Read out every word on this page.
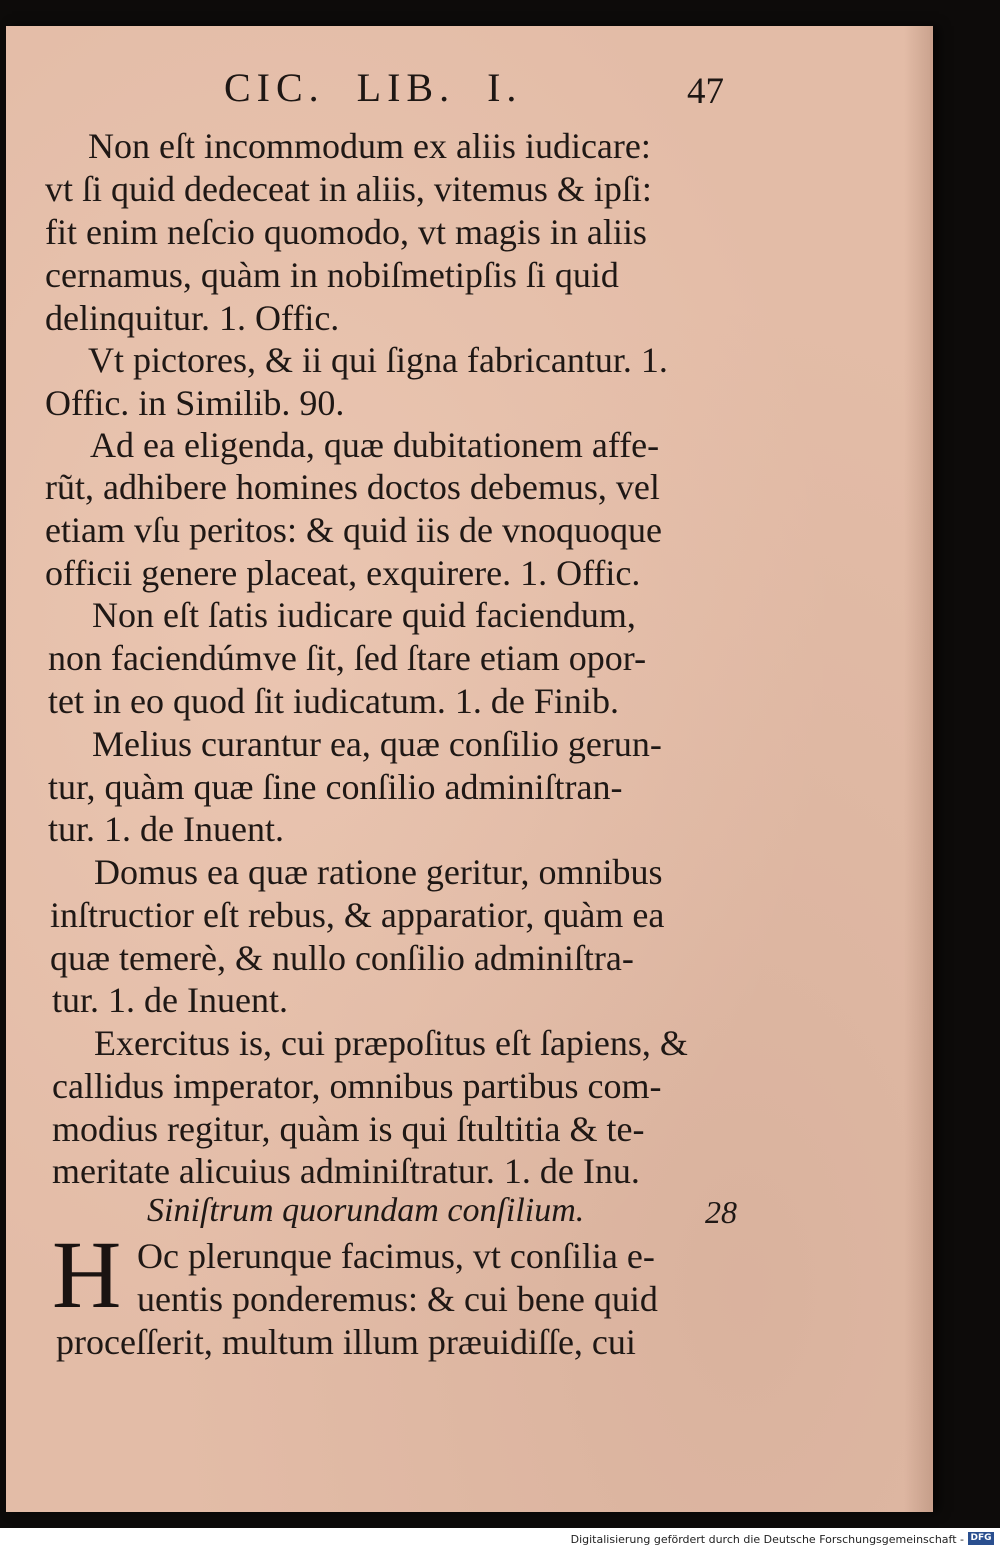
CIC.  LIB.  I.	47
Non eſt incommodum ex aliis iudicare:
vt ſi quid dedeceat in aliis, vitemus & ipſi:
fit enim neſcio quomodo, vt magis in aliis
cernamus, quàm in nobiſmetipſis ſi quid
delinquitur. 1. Offic.
Vt pictores, & ii qui ſigna fabricantur. 1.
Offic. in Similib. 90.
Ad ea eligenda, quæ dubitationem affe-
rũt, adhibere homines doctos debemus, vel
etiam vſu peritos: & quid iis de vnoquoque
officii genere placeat, exquirere. 1. Offic.
Non eſt ſatis iudicare quid faciendum,
non faciendúmve ſit, ſed ſtare etiam opor-
tet in eo quod ſit iudicatum. 1. de Finib.
Melius curantur ea, quæ conſilio gerun-
tur, quàm quæ ſine conſilio adminiſtran-
tur. 1. de Inuent.
Domus ea quæ ratione geritur, omnibus
inſtructior eſt rebus, & apparatior, quàm ea
quæ temerè, & nullo conſilio adminiſtra-
tur. 1. de Inuent.
Exercitus is, cui præpoſitus eſt ſapiens, &
callidus imperator, omnibus partibus com-
modius regitur, quàm is qui ſtultitia & te-
meritate alicuius adminiſtratur. 1. de Inu.
Siniſtrum quorundam conſilium.	28
H Oc plerunque facimus, vt conſilia e-
uentis ponderemus: & cui bene quid
proceſſerit, multum illum præuidiſſe, cui
Digitalisierung gefördert durch die Deutsche Forschungsgemeinschaft - DFG
